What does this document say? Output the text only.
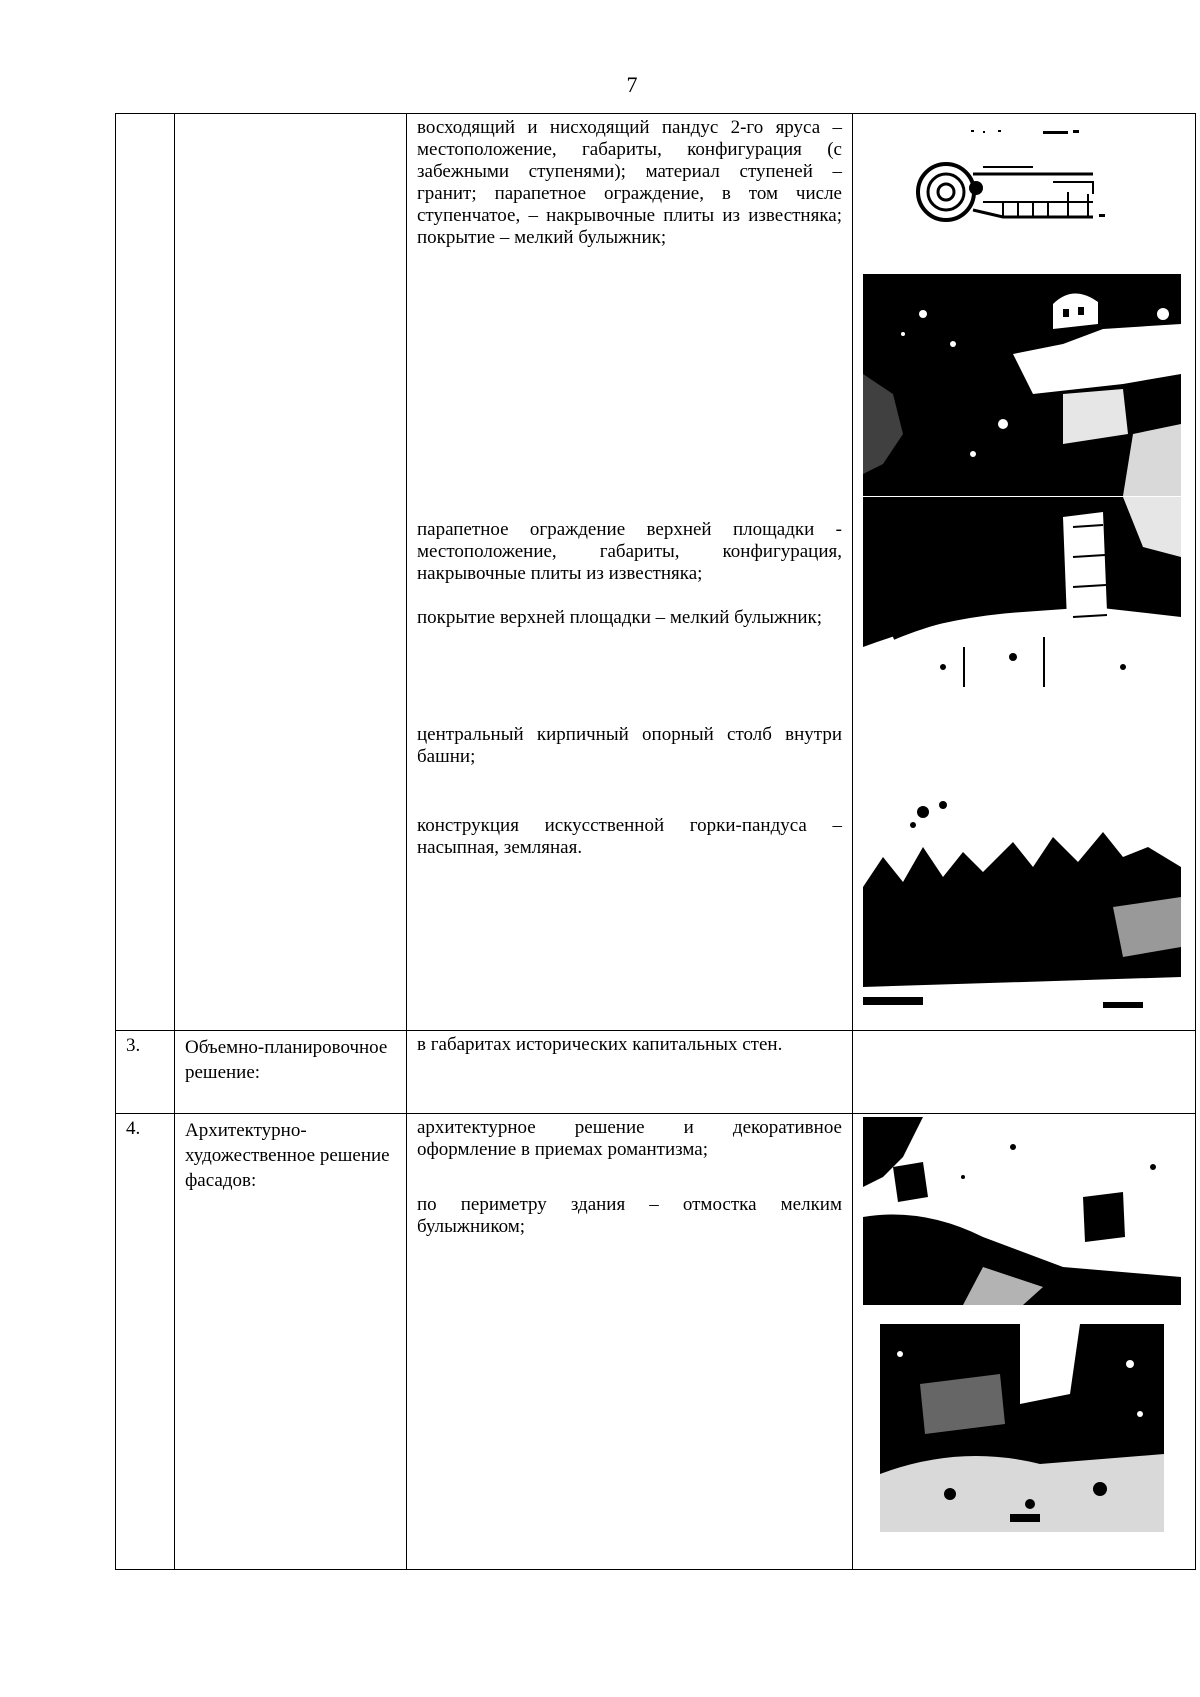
7

		восходящий и нисходящий пандус 2-го яруса – местоположение, габариты, конфигурация (с забежными ступенями); материал ступеней – гранит; парапетное ограждение, в том числе ступенчатое, – накрывочные плиты из известняка; покрытие – мелкий булыжник;
парапетное ограждение верхней площадки - местоположение, габариты, конфигурация, накрывочные плиты из известняка;
покрытие верхней площадки – мелкий булыжник;
центральный кирпичный опорный столб внутри башни;
конструкция искусственной горки-пандуса – насыпная, земляная.

3.	Объемно-планировочное решение:	в габаритах исторических капитальных стен.	
4.	Архитектурно-художественное решение фасадов:	архитектурное решение и декоративное оформление в приемах романтизма;
по периметру здания – отмостка мелким булыжником;
